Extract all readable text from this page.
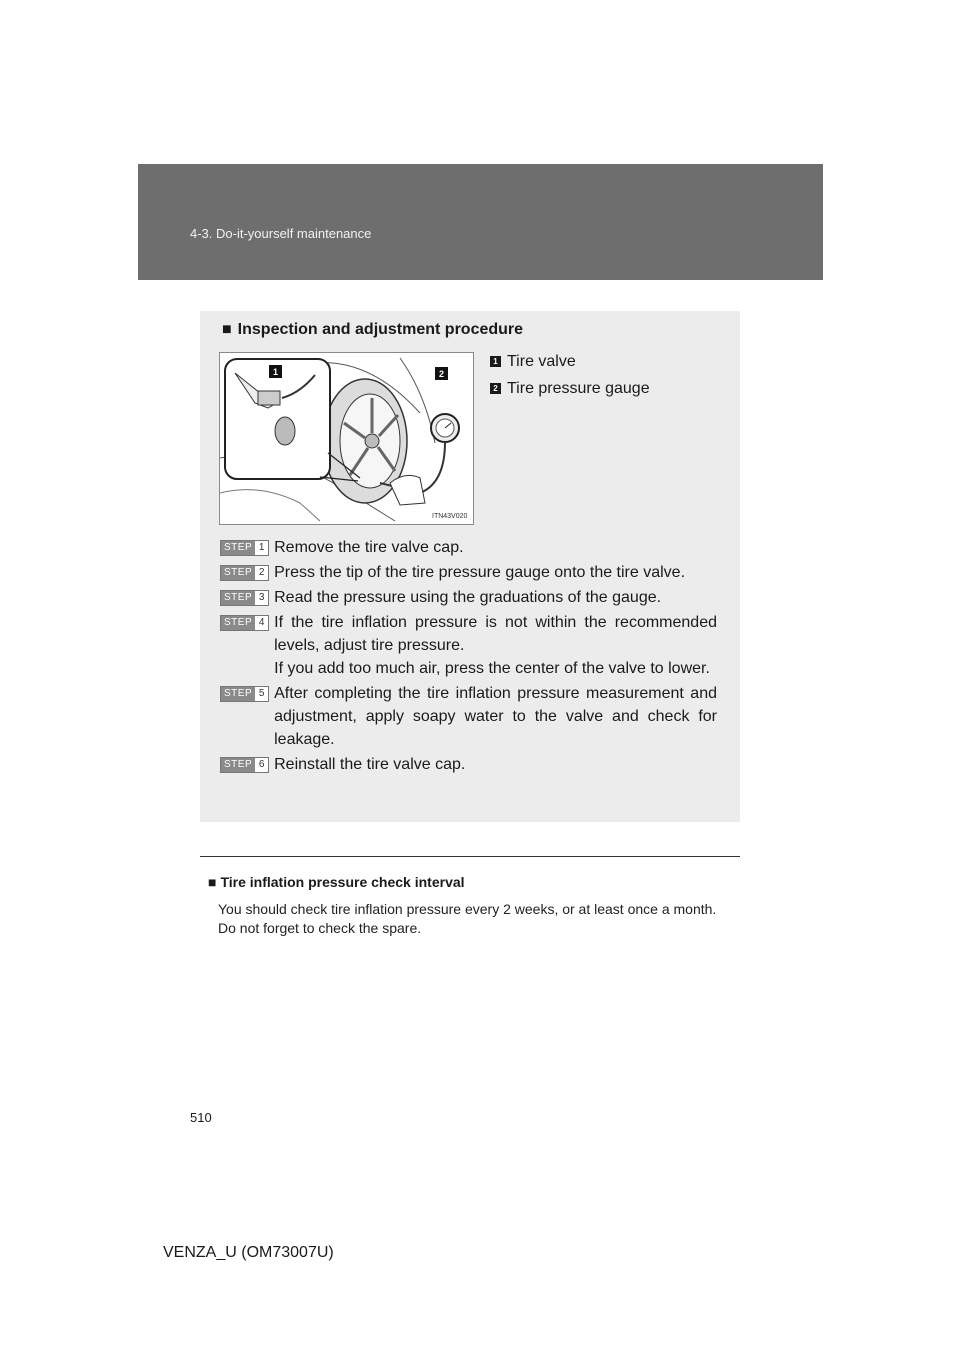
4-3. Do-it-yourself maintenance
■ Inspection and adjustment procedure
1	2
ITN43V020
1 Tire valve
2 Tire pressure gauge
STEP 1 Remove the tire valve cap.

STEP 2 Press the tip of the tire pressure gauge onto the tire valve.

STEP 3 Read the pressure using the graduations of the gauge.

STEP 4 If the tire inflation pressure is not within the recommended levels, adjust tire pressure.

If you add too much air, press the center of the valve to lower.

STEP 5 After completing the tire inflation pressure measurement and adjustment, apply soapy water to the valve and check for leakage.

STEP 6 Reinstall the tire valve cap.

■ Tire inflation pressure check interval
You should check tire inflation pressure every 2 weeks, or at least once a month.
Do not forget to check the spare.
510
VENZA_U (OM73007U)
